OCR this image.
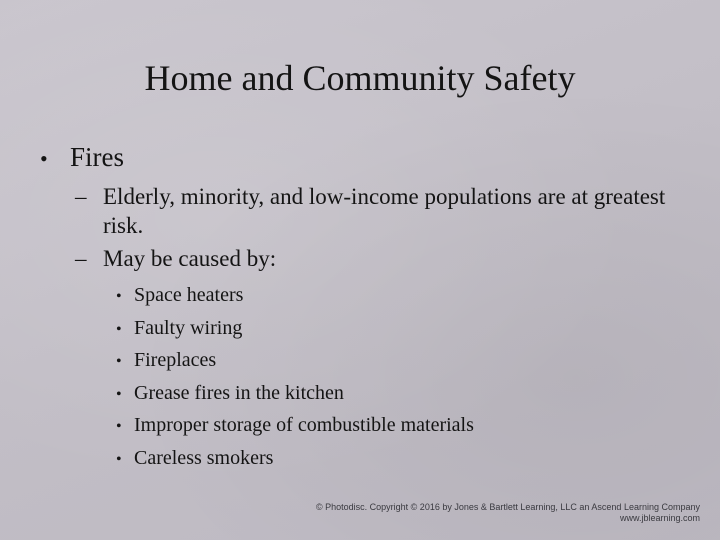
Home and Community Safety
• Fires
– Elderly, minority, and low-income populations are at greatest risk.
– May be caused by:
• Space heaters
• Faulty wiring
• Fireplaces
• Grease fires in the kitchen
• Improper storage of combustible materials
• Careless smokers
© Photodisc. Copyright © 2016 by Jones & Bartlett Learning, LLC an Ascend Learning Company
www.jblearning.com
